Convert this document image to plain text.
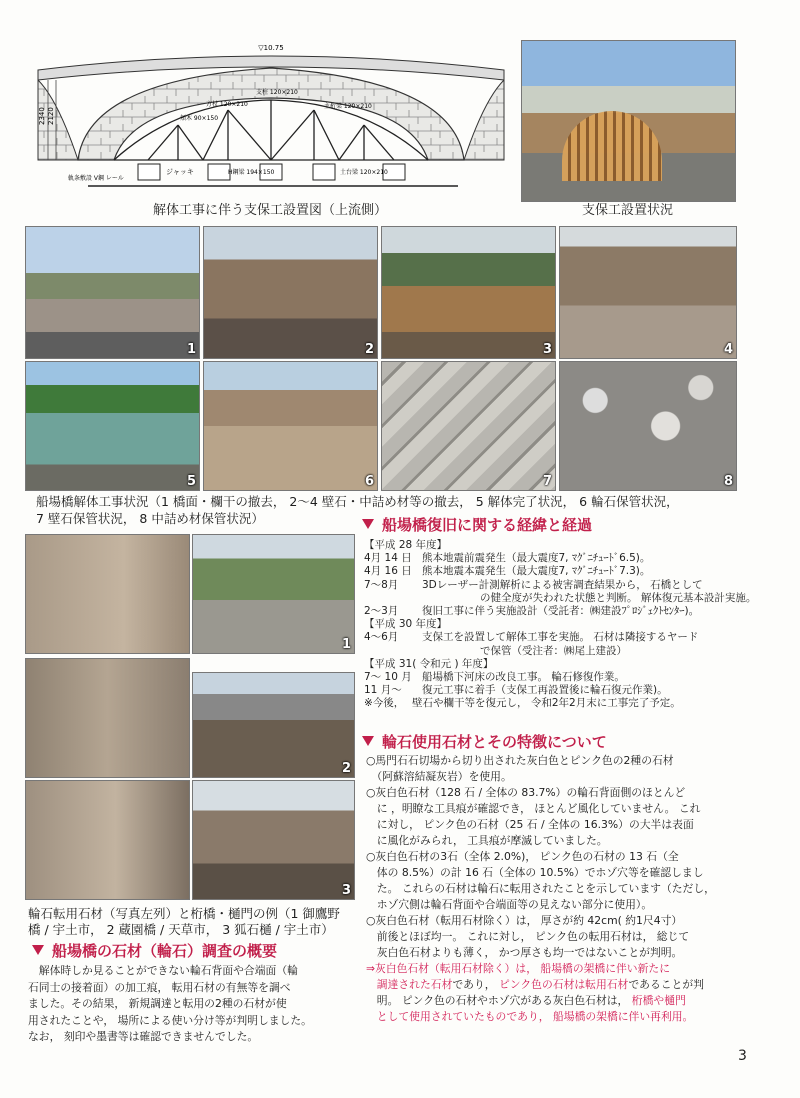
▽10.75
2340 2120
ジャッキ
方杖 120×210
支柱 120×210
主桁梁 120×210
頬木 90×150
土台梁 120×210
H鋼梁 194×150
軌条敷設 V鋼 レール
解体工事に伴う支保工設置図（上流側）	支保工設置状況
1	2	3	4
5	6	7	8
船場橋解体工事状況（1 橋面・欄干の撤去， 2〜4 壁石・中詰め材等の撤去， 5 解体完了状況， 6 輪石保管状況，
7 壁石保管状況， 8 中詰め材保管状況）
1
2
3
輪石転用石材（写真左列）と桁橋・樋門の例（1 御鷹野
橋 / 宇土市， 2 蔵園橋 / 天草市， 3 狐石樋 / 宇土市）
船場橋の石材（輪石）調査の概要
　解体時しか見ることができない輪石背面や合端面（輪
石同士の接着面）の加工痕， 転用石材の有無等を調べ
ました。その結果， 新規調達と転用の2種の石材が使
用されたことや， 場所による使い分け等が判明しました。
なお， 刻印や墨書等は確認できませんでした。
船場橋復旧に関する経緯と経過
【平成 28 年度】
4月 14 日 熊本地震前震発生（最大震度7, ﾏｸﾞﾆﾁｭｰﾄﾞ6.5)。
4月 16 日 熊本地震本震発生（最大震度7, ﾏｸﾞﾆﾁｭｰﾄﾞ7.3)。
7〜8月 3Dレーザー計測解析による被害調査結果から， 石橋として
の健全度が失われた状態と判断。 解体復元基本設計実施。
2〜3月 復旧工事に伴う実施設計（受託者：㈱建設ﾌﾟﾛｼﾞｪｸﾄｾﾝﾀｰ)。
【平成 30 年度】
4〜6月 支保工を設置して解体工事を実施。 石材は隣接するヤード
で保管（受注者：㈱尾上建設）
【平成 31( 令和元 ) 年度】
7〜 10 月 船場橋下河床の改良工事。 輪石修復作業。
11 月〜 復元工事に着手（支保工再設置後に輪石復元作業)。
※今後， 壁石や欄干等を復元し， 令和2年2月末に工事完了予定。
輪石使用石材とその特徴について

○馬門石石切場から切り出された灰白色とピンク色の2種の石材

　（阿蘇溶結凝灰岩）を使用。

○灰白色石材（128 石 / 全体の 83.7%）の輪石背面側のほとんど

　に ，明瞭な工具痕が確認でき， ほとんど風化していません。 これ

　に対し， ピンク色の石材（25 石 / 全体の 16.3%）の大半は表面

　に風化がみられ， 工具痕が摩滅していました。

○灰白色石材の3石（全体 2.0%)， ピンク色の石材の 13 石（全

　体の 8.5%）の計 16 石（全体の 10.5%）でホゾ穴等を確認しまし

　た。 これらの石材は輪石に転用されたことを示しています（ただし，

　ホゾ穴側は輪石背面や合端面等の見えない部分に使用）。

○灰白色石材（転用石材除く）は， 厚さが約 42cm( 約1尺4寸）

　前後とほぼ均一。 これに対し， ピンク色の転用石材は， 総じて

　灰白色石材よりも薄く， かつ厚さも均一ではないことが判明。

⇒灰白色石材（転用石材除く）は， 船場橋の架橋に伴い新たに

　調達された石材であり， ピンク色の石材は転用石材であることが判

　明。 ピンク色の石材やホゾ穴がある灰白色石材は， 桁橋や樋門

　として使用されていたものであり， 船場橋の架橋に伴い再利用。

3
